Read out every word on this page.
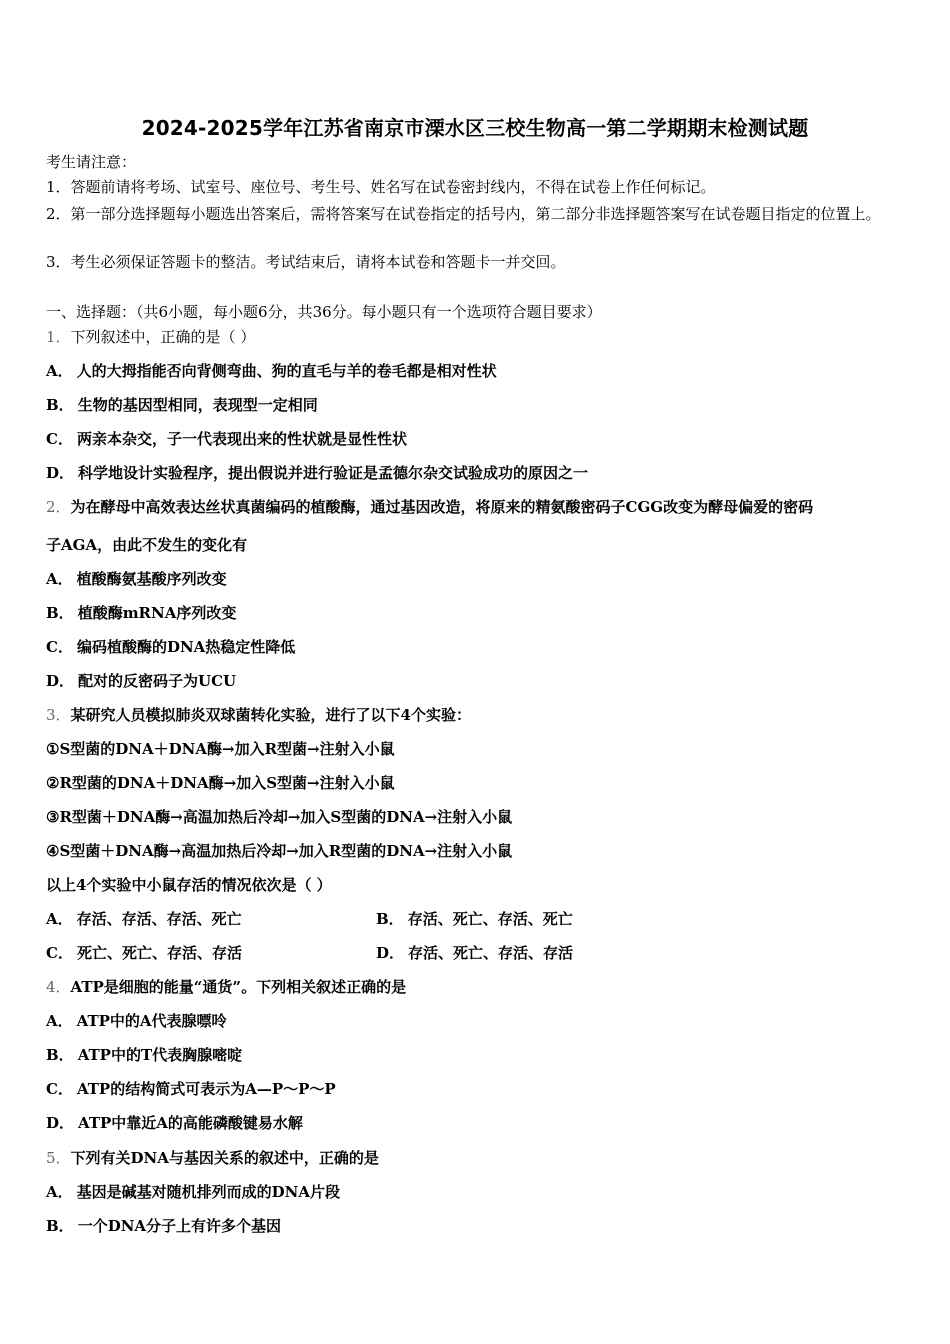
2024-2025学年江苏省南京市溧水区三校生物高一第二学期期末检测试题
考生请注意：
1．答题前请将考场、试室号、座位号、考生号、姓名写在试卷密封线内，不得在试卷上作任何标记。
2．第一部分选择题每小题选出答案后，需将答案写在试卷指定的括号内，第二部分非选择题答案写在试卷题目指定的位置上。
3．考生必须保证答题卡的整洁。考试结束后，请将本试卷和答题卡一并交回。
一、选择题：（共6小题，每小题6分，共36分。每小题只有一个选项符合题目要求）
1．下列叙述中，正确的是（ ）
A． 人的大拇指能否向背侧弯曲、狗的直毛与羊的卷毛都是相对性状
B． 生物的基因型相同，表现型一定相同
C． 两亲本杂交，子一代表现出来的性状就是显性性状
D． 科学地设计实验程序，提出假说并进行验证是孟德尔杂交试验成功的原因之一
2．为在酵母中高效表达丝状真菌编码的植酸酶，通过基因改造，将原来的精氨酸密码子CGG改变为酵母偏爱的密码
子AGA，由此不发生的变化有
A． 植酸酶氨基酸序列改变
B． 植酸酶mRNA序列改变
C． 编码植酸酶的DNA热稳定性降低
D． 配对的反密码子为UCU
3．某研究人员模拟肺炎双球菌转化实验，进行了以下4个实验：
①S型菌的DNA＋DNA酶→加入R型菌→注射入小鼠
②R型菌的DNA＋DNA酶→加入S型菌→注射入小鼠
③R型菌＋DNA酶→高温加热后冷却→加入S型菌的DNA→注射入小鼠
④S型菌＋DNA酶→高温加热后冷却→加入R型菌的DNA→注射入小鼠
以上4个实验中小鼠存活的情况依次是（ ）
A． 存活、存活、存活、死亡	B． 存活、死亡、存活、死亡
C． 死亡、死亡、存活、存活	D． 存活、死亡、存活、存活
4．ATP是细胞的能量“通货”。下列相关叙述正确的是
A． ATP中的A代表腺嘌呤
B． ATP中的T代表胸腺嘧啶
C． ATP的结构简式可表示为A—P～P～P
D． ATP中靠近A的高能磷酸键易水解
5．下列有关DNA与基因关系的叙述中，正确的是
A． 基因是碱基对随机排列而成的DNA片段
B． 一个DNA分子上有许多个基因
